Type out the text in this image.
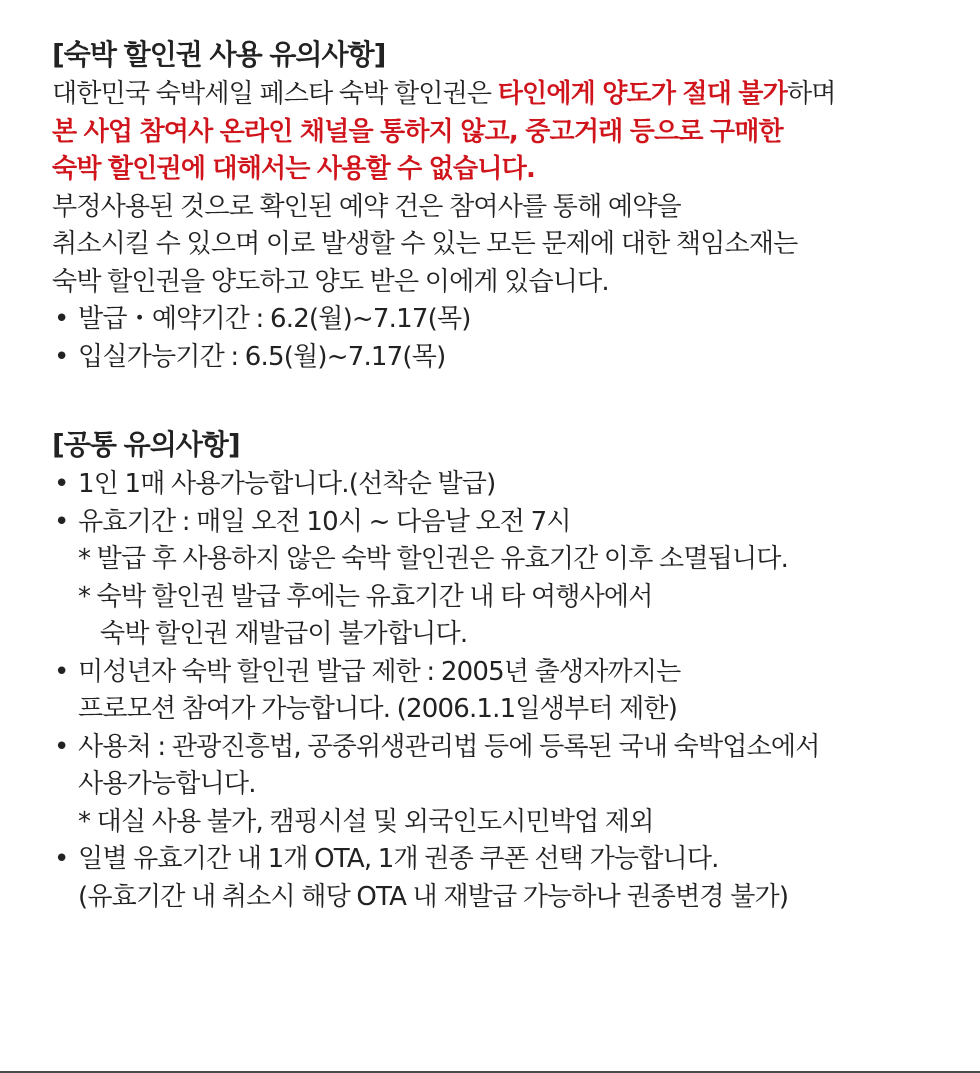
[숙박 할인권 사용 유의사항]
대한민국 숙박세일 페스타 숙박 할인권은 타인에게 양도가 절대 불가하며
본 사업 참여사 온라인 채널을 통하지 않고, 중고거래 등으로 구매한
숙박 할인권에 대해서는 사용할 수 없습니다.
부정사용된 것으로 확인된 예약 건은 참여사를 통해 예약을
취소시킬 수 있으며 이로 발생할 수 있는 모든 문제에 대한 책임소재는
숙박 할인권을 양도하고 양도 받은 이에게 있습니다.
• 발급・예약기간 : 6.2(월)~7.17(목)
• 입실가능기간 : 6.5(월)~7.17(목)
[공통 유의사항]
• 1인 1매 사용가능합니다.(선착순 발급)
• 유효기간 : 매일 오전 10시 ~ 다음날 오전 7시
* 발급 후 사용하지 않은 숙박 할인권은 유효기간 이후 소멸됩니다.
* 숙박 할인권 발급 후에는 유효기간 내 타 여행사에서
숙박 할인권 재발급이 불가합니다.
• 미성년자 숙박 할인권 발급 제한 : 2005년 출생자까지는
프로모션 참여가 가능합니다. (2006.1.1일생부터 제한)
• 사용처 : 관광진흥법, 공중위생관리법 등에 등록된 국내 숙박업소에서
사용가능합니다.
* 대실 사용 불가, 캠핑시설 및 외국인도시민박업 제외
• 일별 유효기간 내 1개 OTA, 1개 권종 쿠폰 선택 가능합니다.
(유효기간 내 취소시 해당 OTA 내 재발급 가능하나 권종변경 불가)
